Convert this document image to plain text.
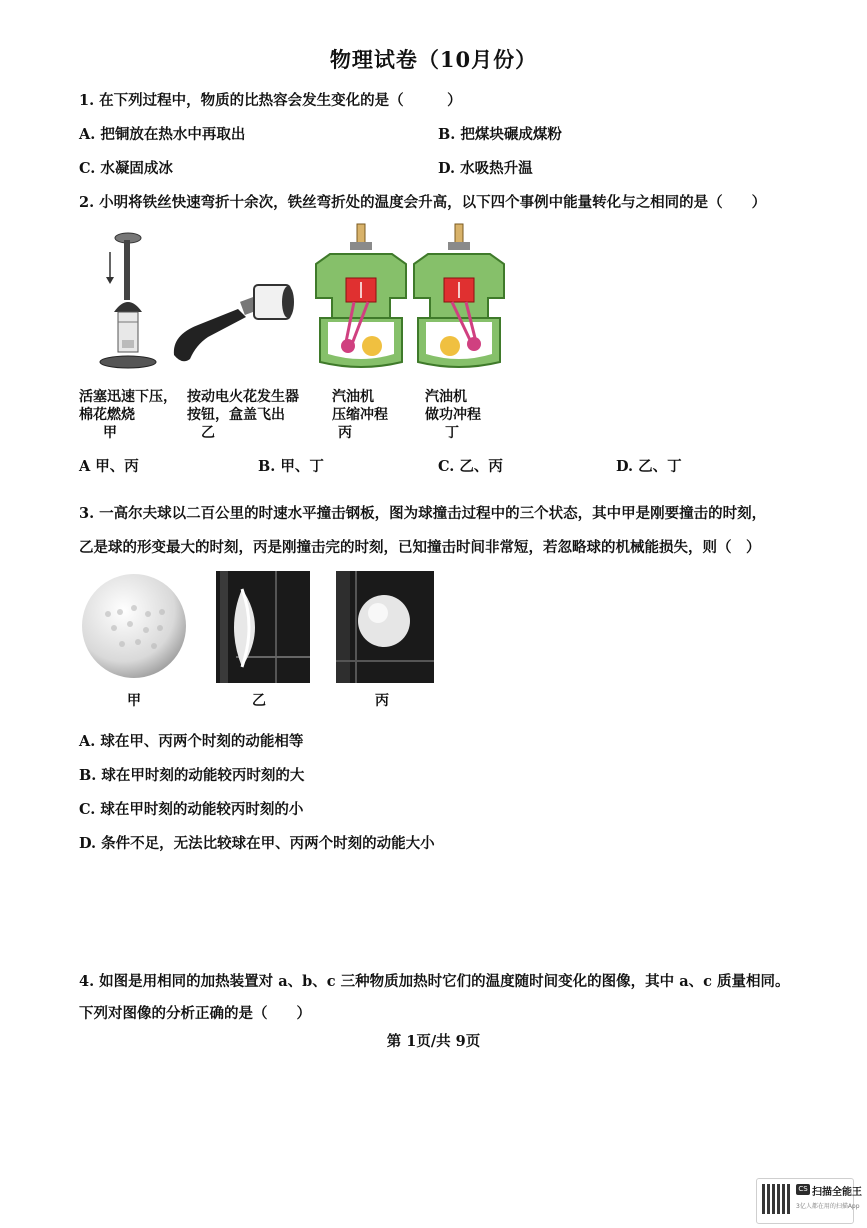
物理试卷（10月份）
1. 在下列过程中，物质的比热容会发生变化的是（　　　）
A. 把铜放在热水中再取出	B. 把煤块碾成煤粉
C. 水凝固成冰	D. 水吸热升温
2. 小明将铁丝快速弯折十余次，铁丝弯折处的温度会升高，以下四个事例中能量转化与之相同的是（　　）
活塞迅速下压，
棉花燃烧
甲
按动电火花发生器
按钮，盒盖飞出
乙
汽油机
压缩冲程
丙
汽油机
做功冲程
丁
A 甲、丙	B. 甲、丁	C. 乙、丙	D. 乙、丁
3. 一高尔夫球以二百公里的时速水平撞击钢板，图为球撞击过程中的三个状态，其中甲是刚要撞击的时刻，
乙是球的形变最大的时刻，丙是刚撞击完的时刻，已知撞击时间非常短，若忽略球的机械能损失，则（　）
甲	乙	丙
A. 球在甲、丙两个时刻的动能相等
B. 球在甲时刻的动能较丙时刻的大
C. 球在甲时刻的动能较丙时刻的小
D. 条件不足，无法比较球在甲、丙两个时刻的动能大小
4. 如图是用相同的加热装置对 a、b、c 三种物质加热时它们的温度随时间变化的图像，其中 a、c 质量相同。
下列对图像的分析正确的是（　　）
第 1页/共 9页
CS 扫描全能王
3亿人都在用的扫描App
